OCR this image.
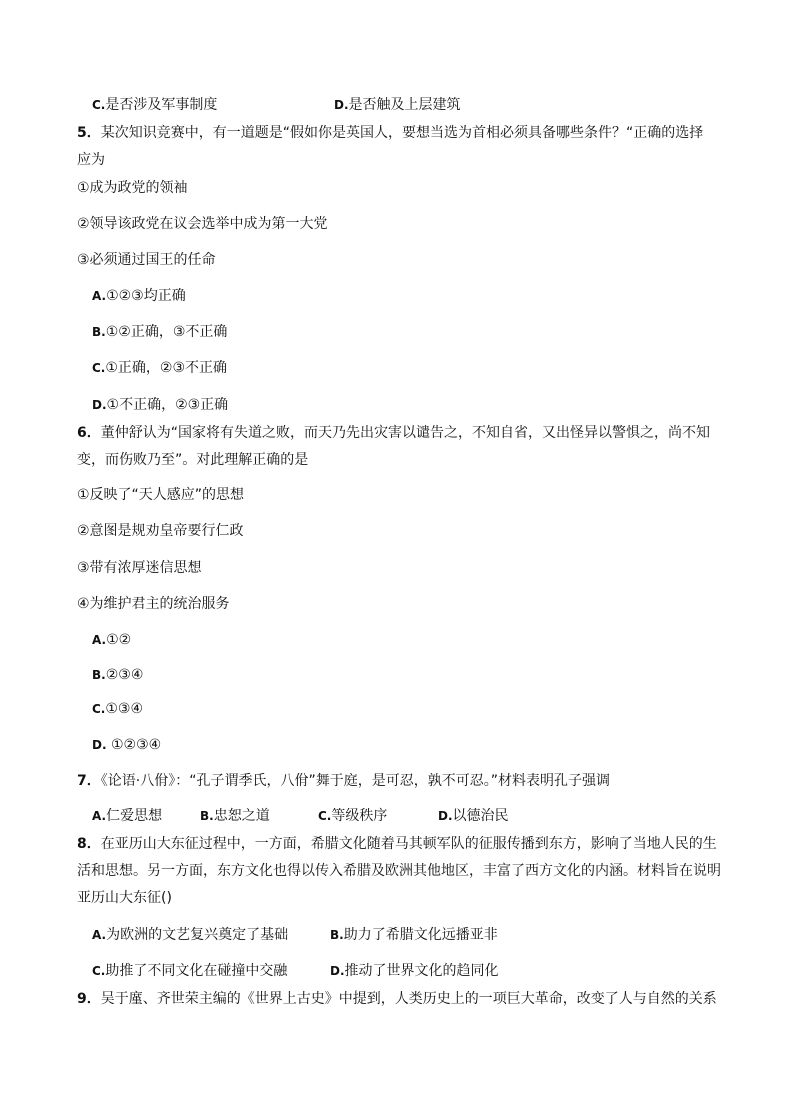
C.是否涉及军事制度	D.是否触及上层建筑
5．某次知识竞赛中，有一道题是“假如你是英国人，要想当选为首相必须具备哪些条件？“正确的选择
应为
①成为政党的领袖
②领导该政党在议会选举中成为第一大党
③必须通过国王的任命
A.①②③均正确
B.①②正确，③不正确
C.①正确，②③不正确
D.①不正确，②③正确
6．董仲舒认为“国家将有失道之败，而天乃先出灾害以谴告之，不知自省，又出怪异以警惧之，尚不知
变，而伤败乃至”。对此理解正确的是
①反映了“天人感应”的思想
②意图是规劝皇帝要行仁政
③带有浓厚迷信思想
④为维护君主的统治服务
A.①②
B.②③④
C.①③④
D. ①②③④
7．《论语·八佾》：“孔子谓季氏，八佾”舞于庭，是可忍，孰不可忍。”材料表明孔子强调
A.仁爱思想	B.忠恕之道	C.等级秩序	D.以德治民
8．在亚历山大东征过程中，一方面，希腊文化随着马其顿军队的征服传播到东方，影响了当地人民的生
活和思想。另一方面，东方文化也得以传入希腊及欧洲其他地区，丰富了西方文化的内涵。材料旨在说明
亚历山大东征()
A.为欧洲的文艺复兴奠定了基础	B.助力了希腊文化远播亚非
C.助推了不同文化在碰撞中交融	D.推动了世界文化的趋同化
9．吴于廑、齐世荣主编的《世界上古史》中提到，人类历史上的一项巨大革命，改变了人与自然的关系
